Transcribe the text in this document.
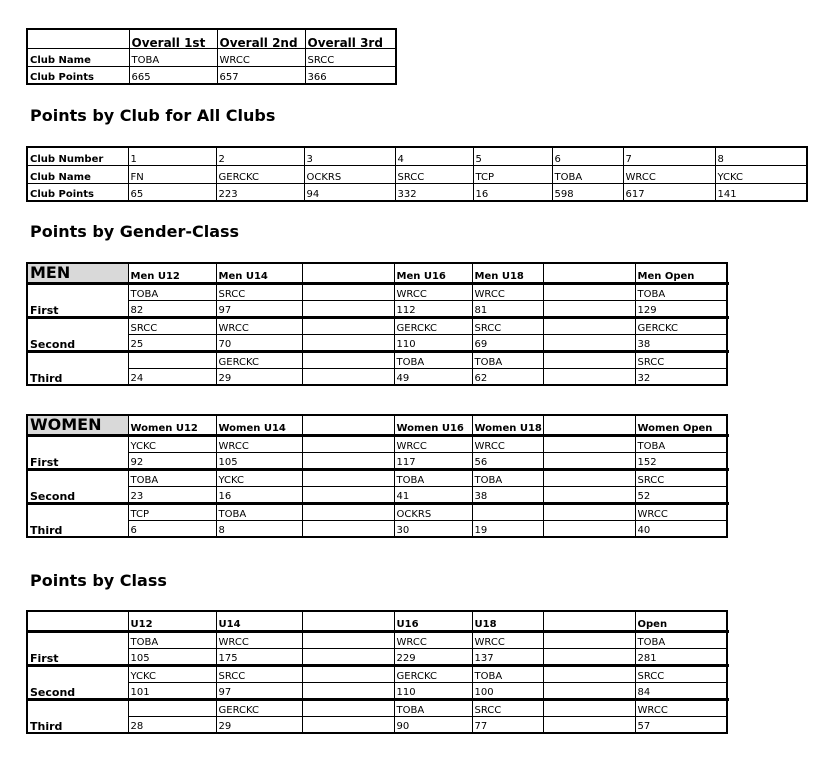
	Overall 1st	Overall 2nd	Overall 3rd
Club Name	TOBA	WRCC	SRCC
Club Points	665	657	366
Points by Club for All Clubs
Club Number	1	2	3	4	5	6	7	8
Club Name	FN	GERCKC	OCKRS	SRCC	TCP	TOBA	WRCC	YCKC
Club Points	65	223	94	332	16	598	617	141
Points by Gender-Class
MEN	Men U12	Men U14		Men U16	Men U18		Men Open	
First	TOBA	SRCC		WRCC	WRCC		TOBA	
	82	97		112	81		129	
Second	SRCC	WRCC		GERCKC	SRCC		GERCKC	
	25	70		110	69		38	
Third		GERCKC		TOBA	TOBA		SRCC	
	24	29		49	62		32	
WOMEN	Women U12	Women U14		Women U16	Women U18		Women Open	
First	YCKC	WRCC		WRCC	WRCC		TOBA	
	92	105		117	56		152	
Second	TOBA	YCKC		TOBA	TOBA		SRCC	
	23	16		41	38		52	
Third	TCP	TOBA		OCKRS			WRCC	
	6	8		30	19		40	
Points by Class
	U12	U14		U16	U18		Open	
First	TOBA	WRCC		WRCC	WRCC		TOBA	
	105	175		229	137		281	
Second	YCKC	SRCC		GERCKC	TOBA		SRCC	
	101	97		110	100		84	
Third		GERCKC		TOBA	SRCC		WRCC	
	28	29		90	77		57	
